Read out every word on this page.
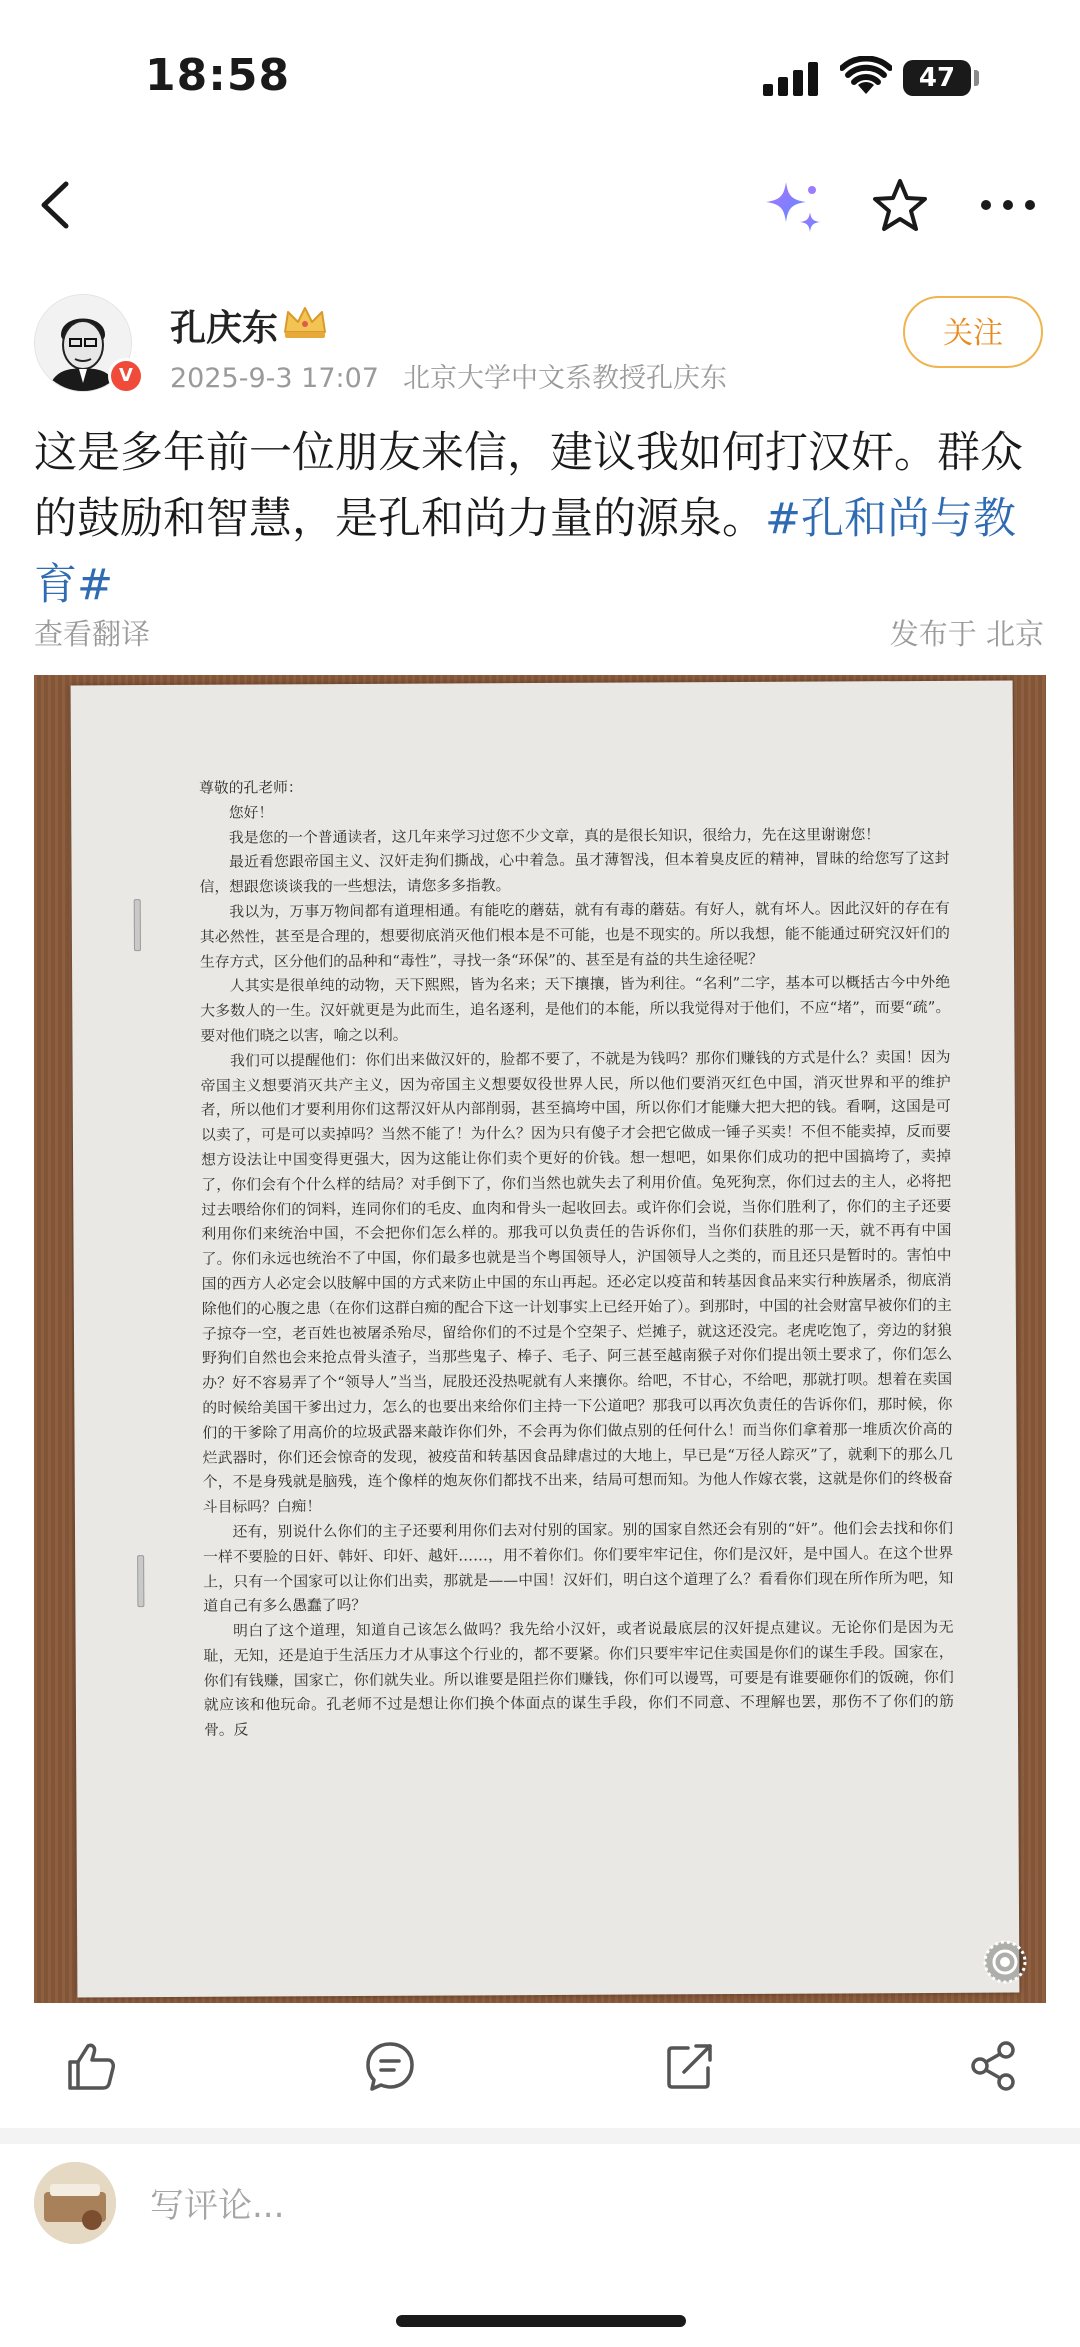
18:58	47
V
孔庆东
2025-9-3 17:07 北京大学中文系教授孔庆东
关注
这是多年前一位朋友来信，建议我如何打汉奸。群众的鼓励和智慧，是孔和尚力量的源泉。#孔和尚与教育#
查看翻译	发布于 北京

尊敬的孔老师：

您好！

我是您的一个普通读者，这几年来学习过您不少文章，真的是很长知识，很给力，先在这里谢谢您！

最近看您跟帝国主义、汉奸走狗们撕战，心中着急。虽才薄智浅，但本着臭皮匠的精神，冒昧的给您写了这封信，想跟您谈谈我的一些想法，请您多多指教。

我以为，万事万物间都有道理相通。有能吃的蘑菇，就有有毒的蘑菇。有好人，就有坏人。因此汉奸的存在有其必然性，甚至是合理的，想要彻底消灭他们根本是不可能，也是不现实的。所以我想，能不能通过研究汉奸们的生存方式，区分他们的品种和“毒性”，寻找一条“环保”的、甚至是有益的共生途径呢？

人其实是很单纯的动物，天下熙熙，皆为名来；天下攘攘，皆为利往。“名利”二字，基本可以概括古今中外绝大多数人的一生。汉奸就更是为此而生，追名逐利，是他们的本能，所以我觉得对于他们，不应“堵”，而要“疏”。要对他们晓之以害，喻之以利。

我们可以提醒他们：你们出来做汉奸的，脸都不要了，不就是为钱吗？那你们赚钱的方式是什么？卖国！因为帝国主义想要消灭共产主义，因为帝国主义想要奴役世界人民，所以他们要消灭红色中国，消灭世界和平的维护者，所以他们才要利用你们这帮汉奸从内部削弱，甚至搞垮中国，所以你们才能赚大把大把的钱。看啊，这国是可以卖了，可是可以卖掉吗？当然不能了！为什么？因为只有傻子才会把它做成一锤子买卖！不但不能卖掉，反而要想方设法让中国变得更强大，因为这能让你们卖个更好的价钱。想一想吧，如果你们成功的把中国搞垮了，卖掉了，你们会有个什么样的结局？对手倒下了，你们当然也就失去了利用价值。兔死狗烹，你们过去的主人，必将把过去喂给你们的饲料，连同你们的毛皮、血肉和骨头一起收回去。或许你们会说，当你们胜利了，你们的主子还要利用你们来统治中国，不会把你们怎么样的。那我可以负责任的告诉你们，当你们获胜的那一天，就不再有中国了。你们永远也统治不了中国，你们最多也就是当个粤国领导人，沪国领导人之类的，而且还只是暂时的。害怕中国的西方人必定会以肢解中国的方式来防止中国的东山再起。还必定以疫苗和转基因食品来实行种族屠杀，彻底消除他们的心腹之患（在你们这群白痴的配合下这一计划事实上已经开始了）。到那时，中国的社会财富早被你们的主子掠夺一空，老百姓也被屠杀殆尽，留给你们的不过是个空架子、烂摊子，就这还没完。老虎吃饱了，旁边的豺狼野狗们自然也会来抢点骨头渣子，当那些鬼子、棒子、毛子、阿三甚至越南猴子对你们提出领土要求了，你们怎么办？好不容易弄了个“领导人”当当，屁股还没热呢就有人来攘你。给吧，不甘心，不给吧，那就打呗。想着在卖国的时候给美国干爹出过力，怎么的也要出来给你们主持一下公道吧？那我可以再次负责任的告诉你们，那时候，你们的干爹除了用高价的垃圾武器来敲诈你们外，不会再为你们做点别的任何什么！而当你们拿着那一堆质次价高的烂武器时，你们还会惊奇的发现，被疫苗和转基因食品肆虐过的大地上，早已是“万径人踪灭”了，就剩下的那么几个，不是身残就是脑残，连个像样的炮灰你们都找不出来，结局可想而知。为他人作嫁衣裳，这就是你们的终极奋斗目标吗？白痴！

还有，别说什么你们的主子还要利用你们去对付别的国家。别的国家自然还会有别的“奸”。他们会去找和你们一样不要脸的日奸、韩奸、印奸、越奸……，用不着你们。你们要牢牢记住，你们是汉奸，是中国人。在这个世界上，只有一个国家可以让你们出卖，那就是——中国！汉奸们，明白这个道理了么？看看你们现在所作所为吧，知道自己有多么愚蠢了吗？

明白了这个道理，知道自己该怎么做吗？我先给小汉奸，或者说最底层的汉奸提点建议。无论你们是因为无耻，无知，还是迫于生活压力才从事这个行业的，都不要紧。你们只要牢牢记住卖国是你们的谋生手段。国家在，你们有钱赚，国家亡，你们就失业。所以谁要是阻拦你们赚钱，你们可以谩骂，可要是有谁要砸你们的饭碗，你们就应该和他玩命。孔老师不过是想让你们换个体面点的谋生手段，你们不同意、不理解也罢，那伤不了你们的筋骨。反

写评论...
